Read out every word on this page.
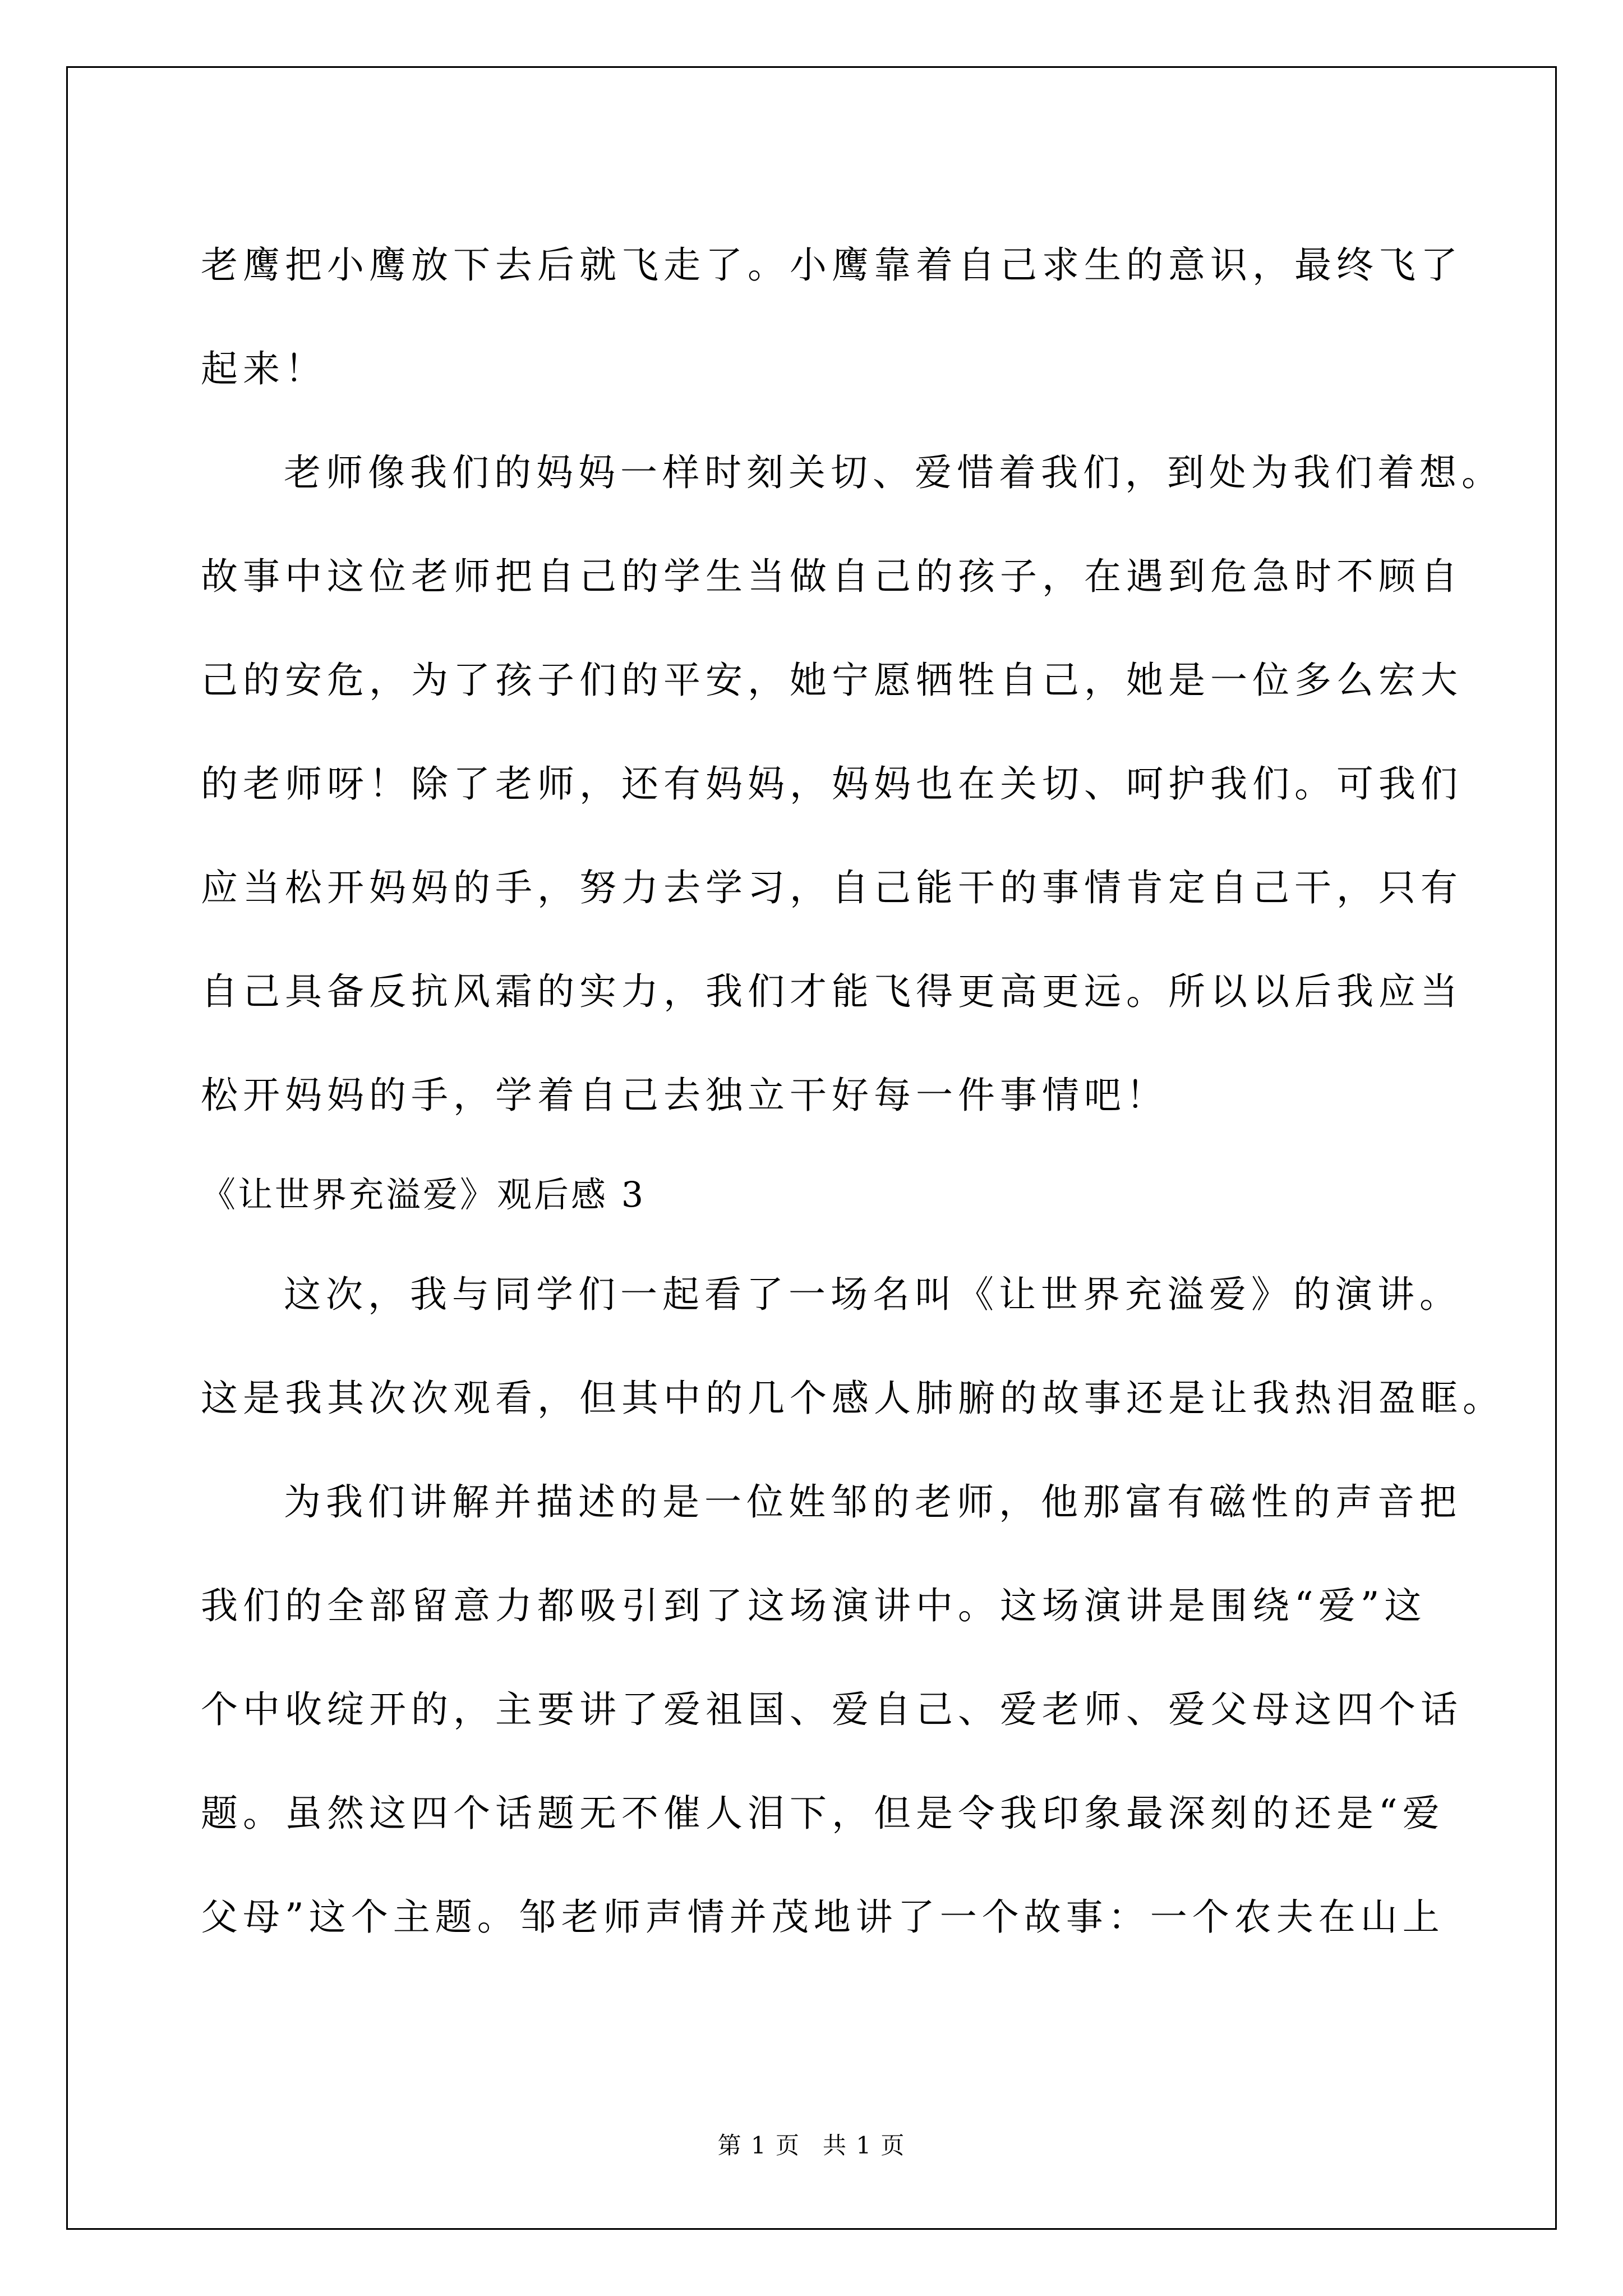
老鹰把小鹰放下去后就飞走了。小鹰靠着自己求生的意识，最终飞了
起来！
老师像我们的妈妈一样时刻关切、爱惜着我们，到处为我们着想。
故事中这位老师把自己的学生当做自己的孩子，在遇到危急时不顾自
己的安危，为了孩子们的平安，她宁愿牺牲自己，她是一位多么宏大
的老师呀！除了老师，还有妈妈，妈妈也在关切、呵护我们。可我们
应当松开妈妈的手，努力去学习，自己能干的事情肯定自己干，只有
自己具备反抗风霜的实力，我们才能飞得更高更远。所以以后我应当
松开妈妈的手，学着自己去独立干好每一件事情吧！
《让世界充溢爱》观后感 3
这次，我与同学们一起看了一场名叫《让世界充溢爱》的演讲。
这是我其次次观看，但其中的几个感人肺腑的故事还是让我热泪盈眶。
为我们讲解并描述的是一位姓邹的老师，他那富有磁性的声音把
我们的全部留意力都吸引到了这场演讲中。这场演讲是围绕“爱”这
个中收绽开的，主要讲了爱祖国、爱自己、爱老师、爱父母这四个话
题。虽然这四个话题无不催人泪下，但是令我印象最深刻的还是“爱
父母”这个主题。邹老师声情并茂地讲了一个故事：一个农夫在山上
第 1 页 共 1 页
